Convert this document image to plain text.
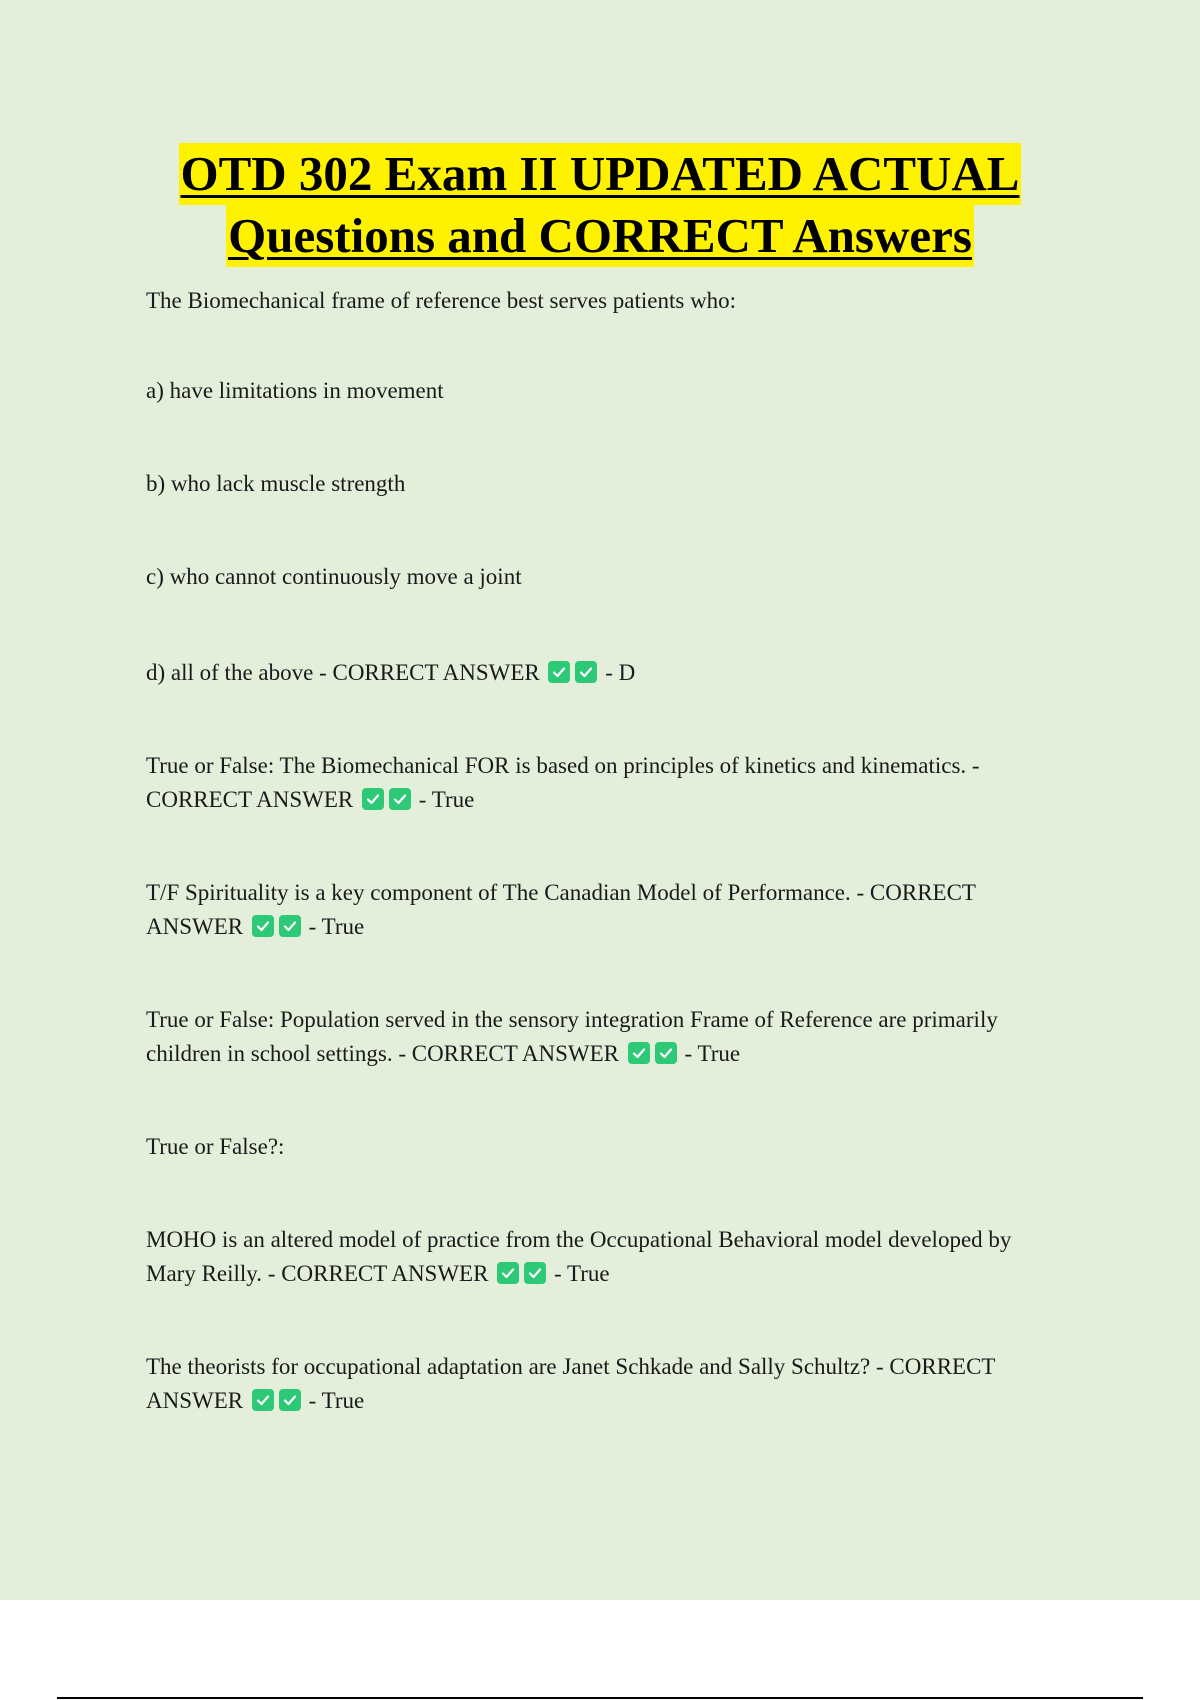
OTD 302 Exam II UPDATED ACTUAL
Questions and CORRECT Answers

The Biomechanical frame of reference best serves patients who:

a) have limitations in movement

b) who lack muscle strength

c) who cannot continuously move a joint

d) all of the above - CORRECT ANSWER	- D

True or False: The Biomechanical FOR is based on principles of kinetics and kinematics. - CORRECT ANSWER	- True

T/F Spirituality is a key component of The Canadian Model of Performance. - CORRECT ANSWER	- True

True or False: Population served in the sensory integration Frame of Reference are primarily children in school settings. - CORRECT ANSWER	- True

True or False?:

MOHO is an altered model of practice from the Occupational Behavioral model developed by Mary Reilly. - CORRECT ANSWER	- True

The theorists for occupational adaptation are Janet Schkade and Sally Schultz? - CORRECT ANSWER	- True
